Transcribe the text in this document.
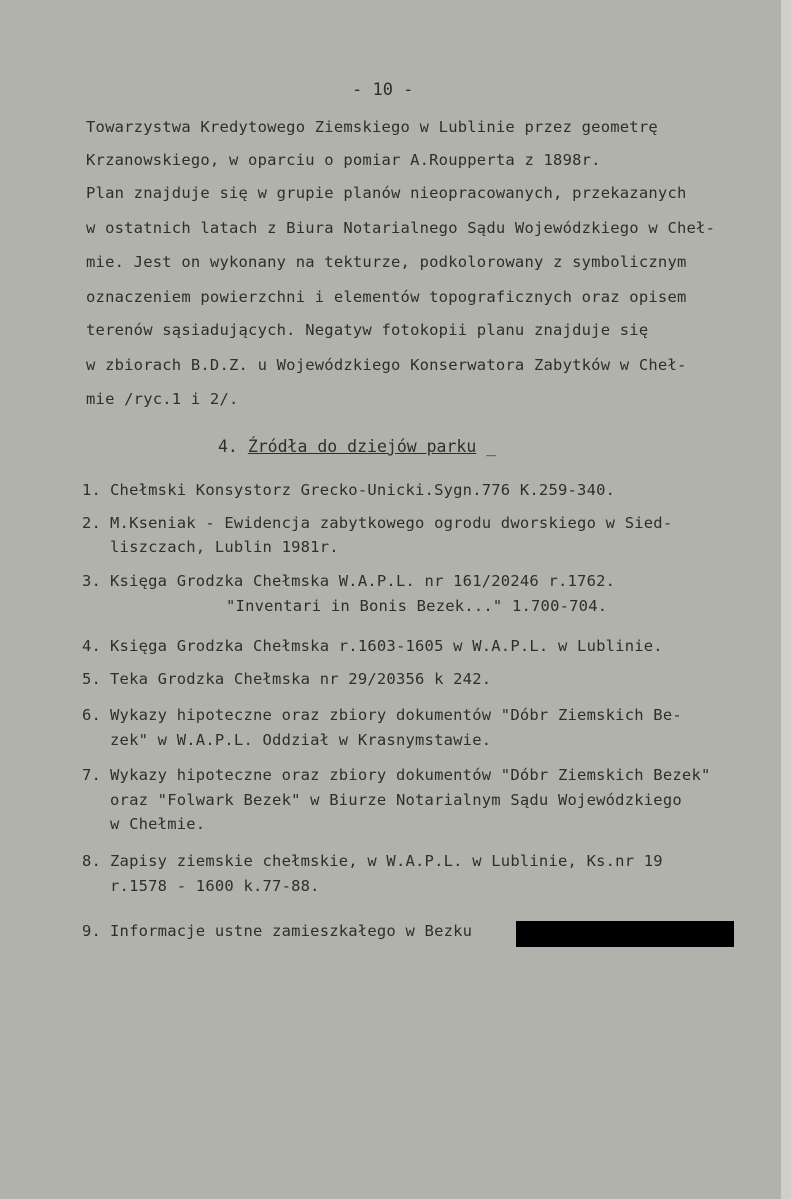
- 10 -
Towarzystwa Kredytowego Ziemskiego w Lublinie przez geometrę
Krzanowskiego, w oparciu o pomiar A.Roupperta z 1898r.
Plan znajduje się w grupie planów nieopracowanych, przekazanych
w ostatnich latach z Biura Notarialnego Sądu Wojewódzkiego w Cheł-
mie. Jest on wykonany na tekturze, podkolorowany z symbolicznym
oznaczeniem powierzchni i elementów topograficznych oraz opisem
terenów sąsiadujących. Negatyw fotokopii planu znajduje się
w zbiorach B.D.Z. u Wojewódzkiego Konserwatora Zabytków w Cheł-
mie /ryc.1 i 2/.
4. Źródła do dziejów parku _
1. Chełmski Konsystorz Grecko-Unicki.Sygn.776 K.259-340.
2. M.Kseniak - Ewidencja zabytkowego ogrodu dworskiego w Sied-
liszczach, Lublin 1981r.
3. Księga Grodzka Chełmska W.A.P.L. nr 161/20246 r.1762.
"Inventari in Bonis Bezek..." 1.700-704.
4. Księga Grodzka Chełmska r.1603-1605 w W.A.P.L. w Lublinie.
5. Teka Grodzka Chełmska nr 29/20356 k 242.
6. Wykazy hipoteczne oraz zbiory dokumentów "Dóbr Ziemskich Be-
zek" w W.A.P.L. Oddział w Krasnymstawie.
7. Wykazy hipoteczne oraz zbiory dokumentów "Dóbr Ziemskich Bezek"
oraz "Folwark Bezek" w Biurze Notarialnym Sądu Wojewódzkiego
w Chełmie.
8. Zapisy ziemskie chełmskie, w W.A.P.L. w Lublinie, Ks.nr 19
r.1578 - 1600 k.77-88.
9. Informacje ustne zamieszkałego w Bezku
